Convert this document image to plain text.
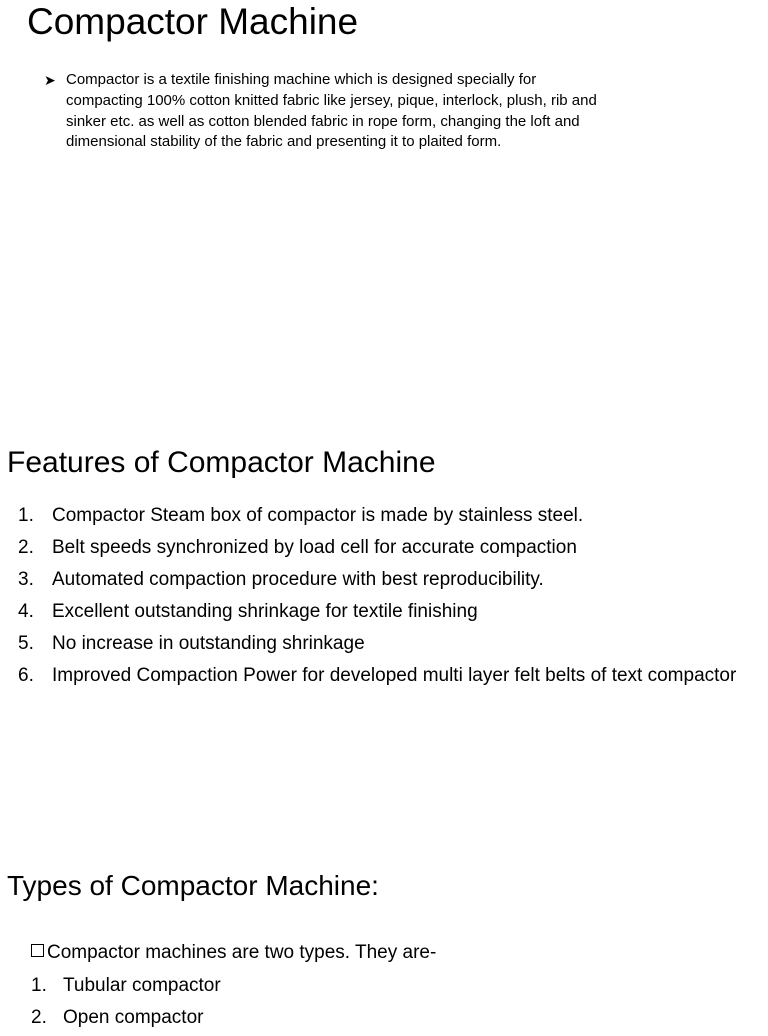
Compactor Machine
➤ Compactor is a textile finishing machine which is designed specially for compacting 100% cotton knitted fabric like jersey, pique, interlock, plush, rib and sinker etc. as well as cotton blended fabric in rope form, changing the loft and dimensional stability of the fabric and presenting it to plaited form.
Features of Compactor Machine
1. Compactor Steam box of compactor is made by stainless steel.
2. Belt speeds synchronized by load cell for accurate compaction
3. Automated compaction procedure with best reproducibility.
4. Excellent outstanding shrinkage for textile finishing
5. No increase in outstanding shrinkage
6. Improved Compaction Power for developed multi layer felt belts of text compactor
Types of Compactor Machine:
Compactor machines are two types. They are-
1. Tubular compactor
2. Open compactor
